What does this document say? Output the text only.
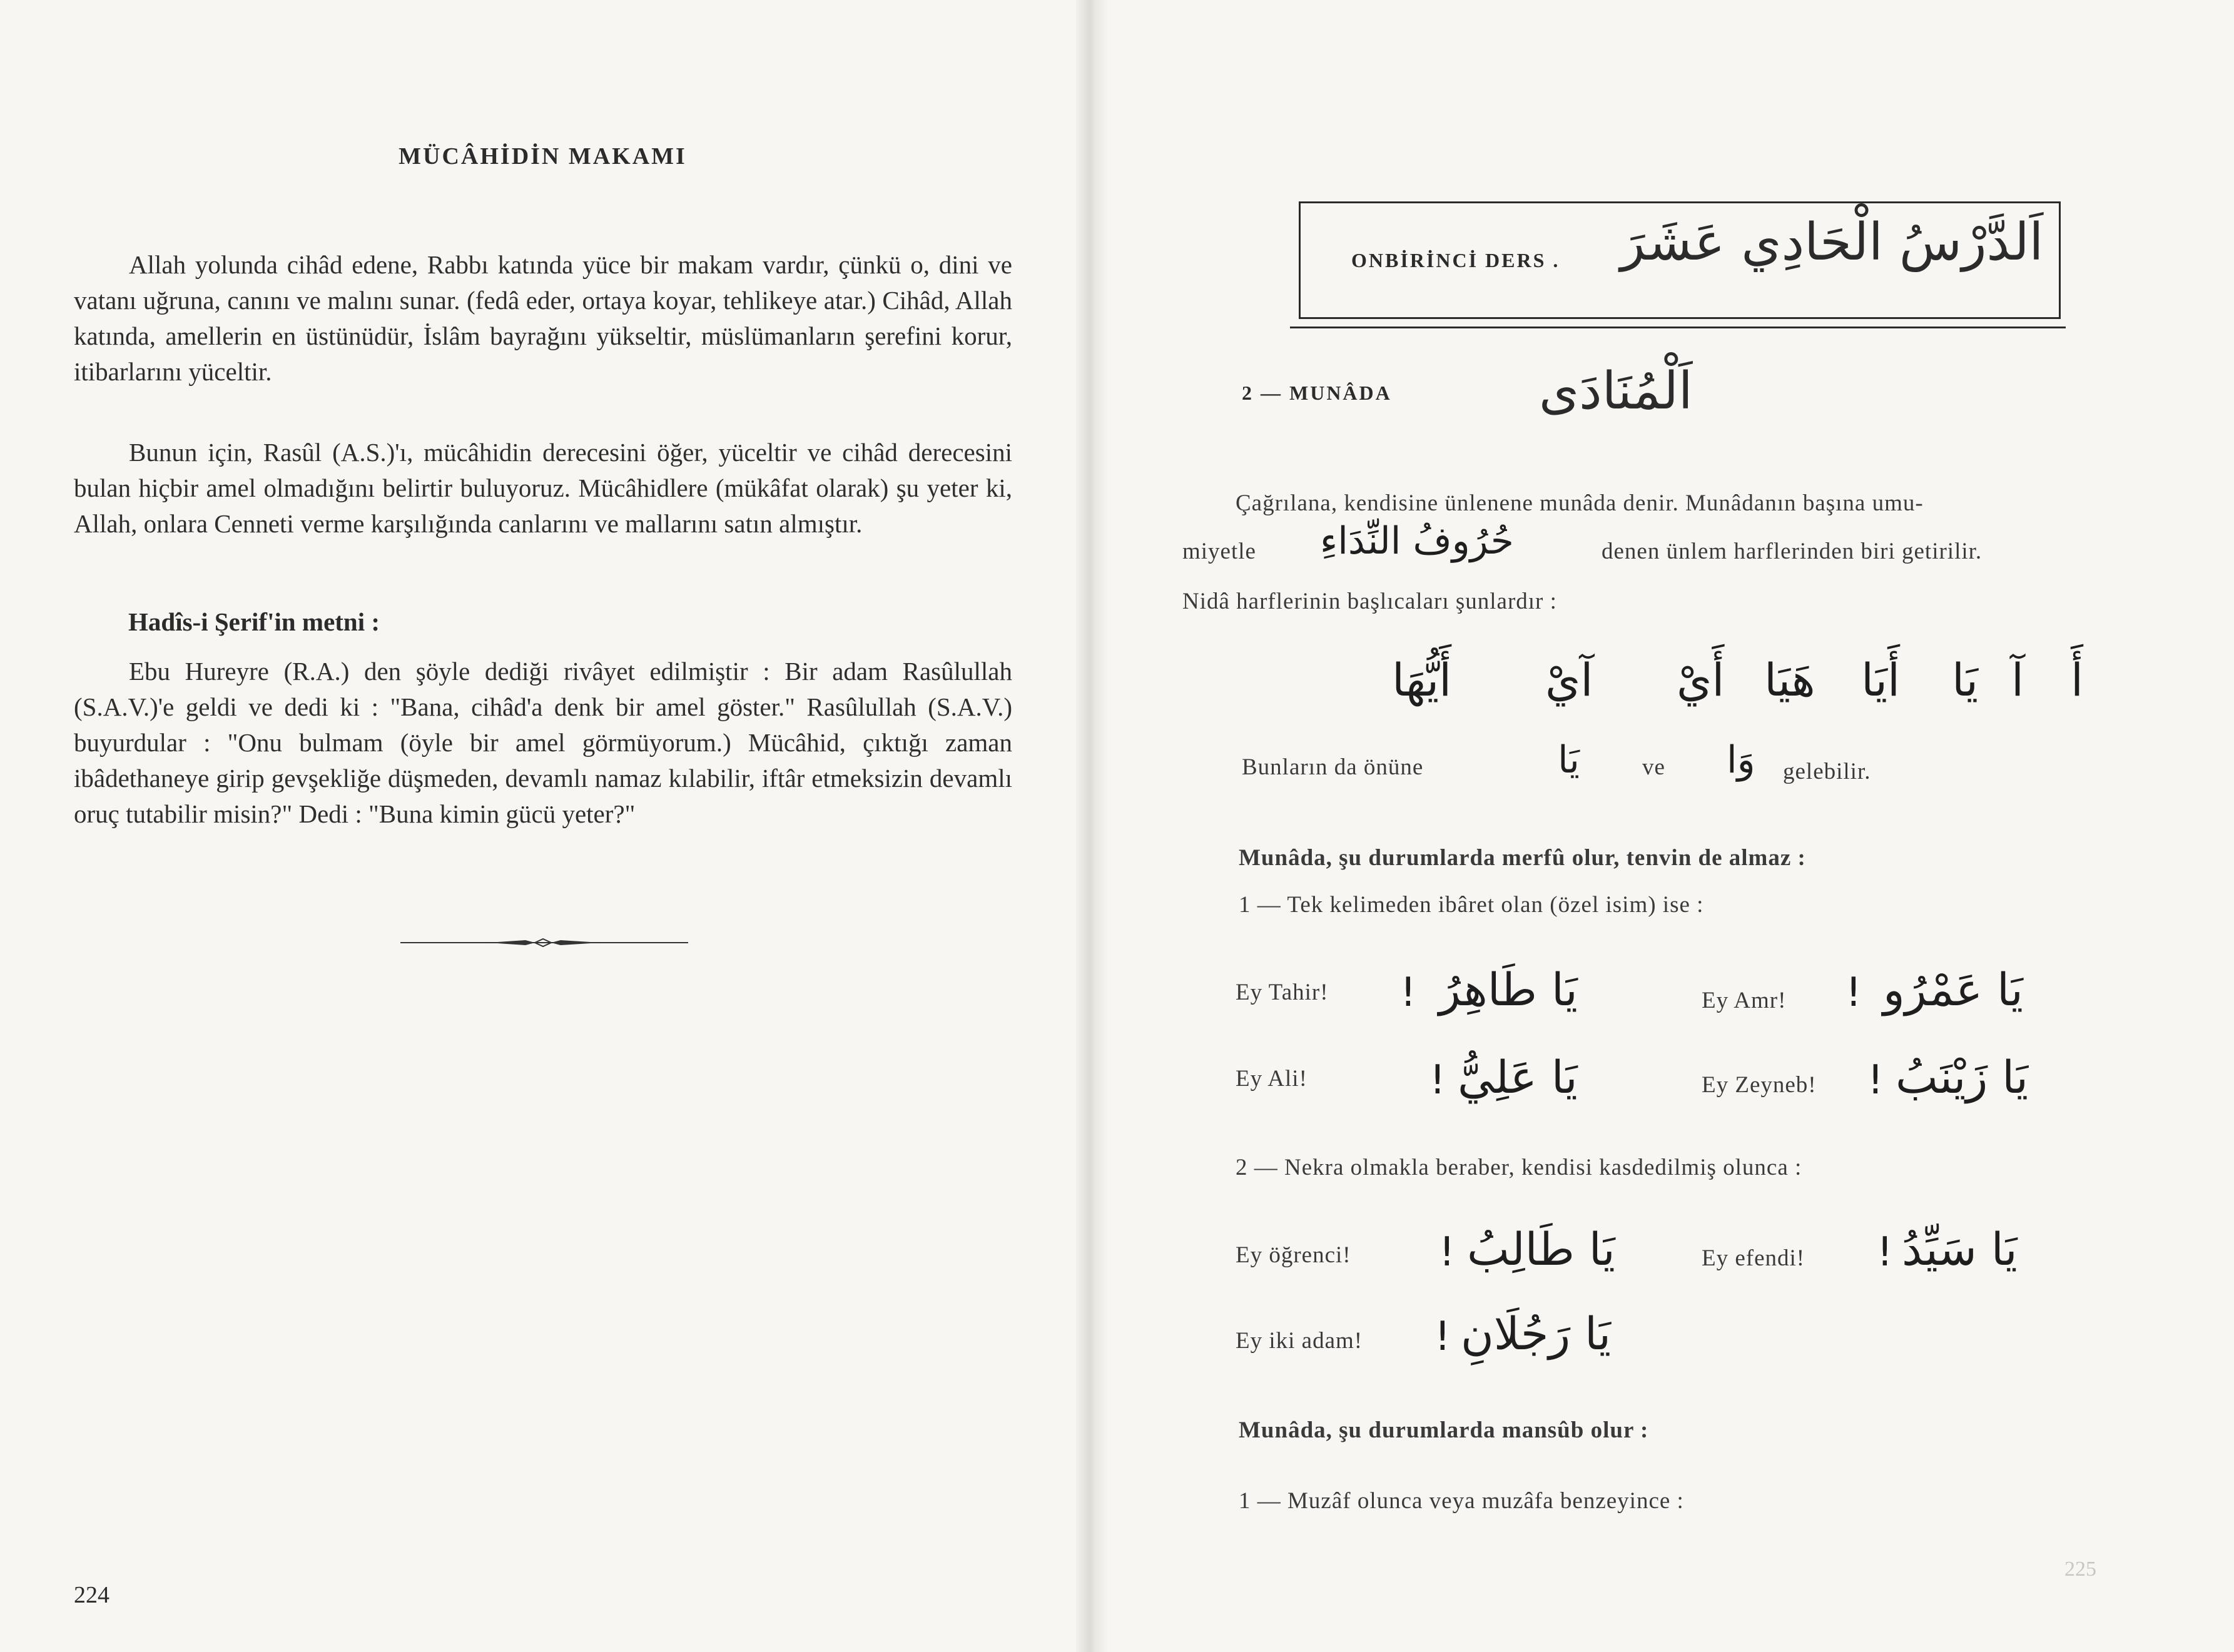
MÜCÂHİDİN MAKAMI

Allah yolunda cihâd edene, Rabbı katında yüce bir makam vardır, çünkü o, dini ve vatanı uğruna, canını ve malını sunar. (fedâ eder, ortaya koyar, tehlikeye atar.) Cihâd, Allah katında, amellerin en üstünüdür, İslâm bayrağını yükseltir, müslümanların şerefini korur, itibarlarını yüceltir.

Bunun için, Rasûl (A.S.)'ı, mücâhidin derecesini öğer, yüceltir ve cihâd derecesini bulan hiçbir amel olmadığını belirtir buluyoruz. Mücâhidlere (mükâfat olarak) şu yeter ki, Allah, onlara Cenneti verme karşılığında canlarını ve mallarını satın almıştır.

Hadîs-i Şerif'in metni :

Ebu Hureyre (R.A.) den şöyle dediği rivâyet edilmiştir : Bir adam Rasûlullah (S.A.V.)'e geldi ve dedi ki : "Bana, cihâd'a denk bir amel göster." Rasûlullah (S.A.V.) buyurdular : "Onu bulmam (öyle bir amel görmüyorum.) Mücâhid, çıktığı zaman ibâdethaneye girip gevşekliğe düşmeden, devamlı namaz kılabilir, iftâr etmeksizin devamlı oruç tutabilir misin?" Dedi : "Buna kimin gücü yeter?"

224
ONBİRİNCİ DERS . اَلدَّرْسُ الْحَادِي عَشَرَ
2 — MUNÂDA	اَلْمُنَادَى
Çağrılana, kendisine ünlenene munâda denir. Munâdanın başına umu-
miyetle حُرُوفُ النِّدَاءِ	denen ünlem harflerinden biri getirilir.
Nidâ harflerinin başlıcaları şunlardır :
أَ
آ
يَا
أَيَا
هَيَا
أَيْ
آيْ
أَيُّهَا
Bunların da önüne	يَا	ve وَا gelebilir.
Munâda, şu durumlarda merfû olur, tenvin de almaz :
1 — Tek kelimeden ibâret olan (özel isim) ise :
Ey Tahir! ! يَا طَاهِرُ	Ey Amr! ! يَا عَمْرُو
Ey Ali!	! يَا عَلِيُّ	Ey Zeyneb! ! يَا زَيْنَبُ
2 — Nekra olmakla beraber, kendisi kasdedilmiş olunca :
Ey öğrenci! ! يَا طَالِبُ	Ey efendi! ! يَا سَيِّدُ
Ey iki adam! ! يَا رَجُلَانِ
Munâda, şu durumlarda mansûb olur :
1 — Muzâf olunca veya muzâfa benzeyince :
225
